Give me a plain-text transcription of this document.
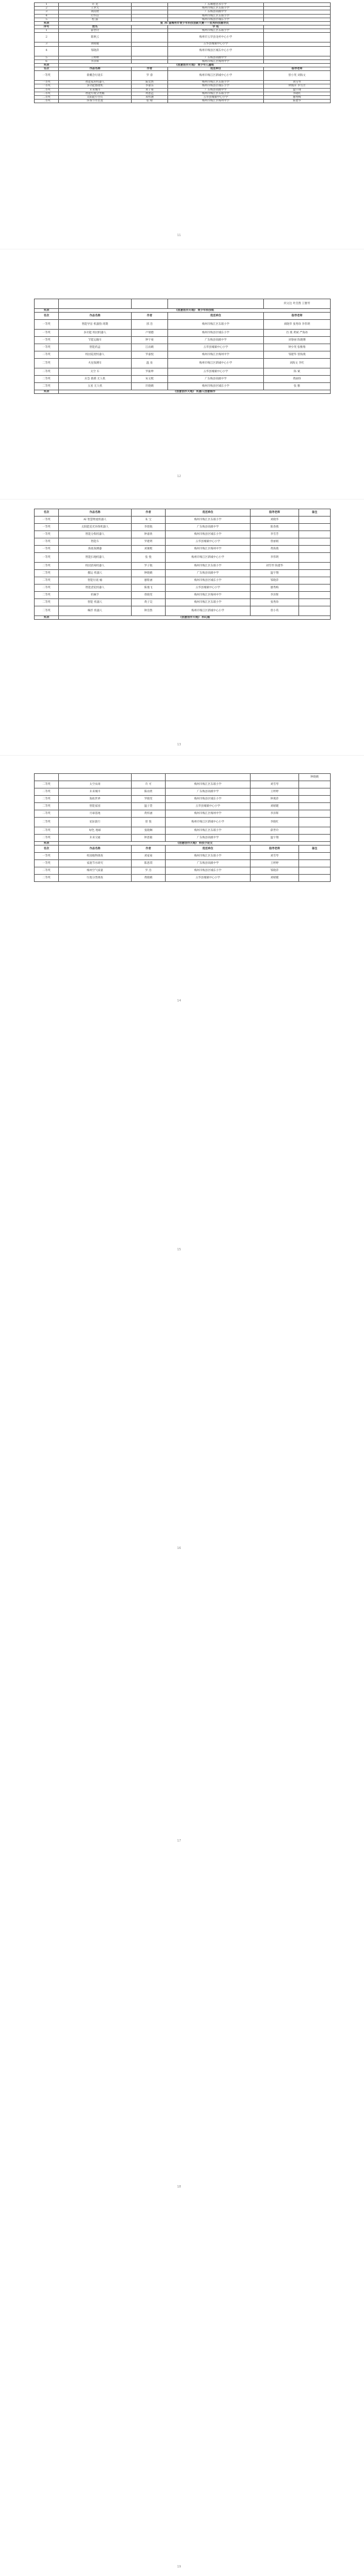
1	许 龙		广东顺德坚永小学	
2	王世元		梅州市梅江区东联小学	
3	刘雨欣		广东梅县高级中学	
4	付华洁		梅州市梅江区东联小学	
5	程 露		梅州市梅县区城东小学	
奖项	第 36 届梅州市青少年科技创新大赛——优秀科技辅导员			
序号	姓名		学 校	
1	薛世玲		梅州市梅江区东联小学	
2	陈秋云		梅州市五华县龙村中心小学	
3	刘晴暖		五华县城镇中心小学	
4	邹晓萍		梅州市梅县区城东中心小学	
5	王婷婷		广东梅县高级中学	
6	李泽辉		梅州市梅江区梅州中学	
奖项	《创意创作天地》 青少年儿童组			
名次	作品名称	作者	选送单位	指导老师
一等奖	新概念垃圾车	罗 睿	梅州市梅江区新城中心小学	曾小英 刘海文
一等奖	智能家居机器人	陈奕然	梅州市梅江区东联小学	刘雪琴
一等奖	多功能擦窗机	李嘉乐	梅州市梅县区城东小学	钟燕萍 李雪芳
二等奖	未来城市	刘子豪	广东梅县高级中学	温宇翔
二等奖	智能垃圾分类桶	黄思远	梅州市梅江区东联小学	李晓红
二等奖	太阳能小台灯	邓梓涵	五华县城镇中心小学	廖秀梅
二等奖	环保节水装置	张 晴	梅州市梅江区梅州中学	陈建华
11
				何文达 叶浩然 王雅琴
奖项	《创意创作天地》 青少年科技组			
名次	作品名称	作者	选送单位	指导老师
一等奖	智能导盲 机器狗 周期	郭 浩	梅州市梅江区东联小学	刘晓华 张秀珍 李伟明
一等奖	多功能 校园机器人	卢瑞德	梅州市梅县区城东小学	肖 燕 黄斌 严海冰
一等奖	节能运输车	钟宇豪	广东梅县高级中学	刘春丽 陈晓珊
一等奖	智能药盒	江雨晴	五华县城镇中心小学	钟少英 张维维
二等奖	校园巡逻机器人	罗嘉悦	梅州市梅江区梅州中学	邹建华 曾海燕
二等奖	火星探测车	温 泉	梅州市梅江区新城中心小学	刘海文 李红
二等奖	太空 车	罗振坤	五华县城镇中心小学	陈 斌
二等奖	应急 救援 无人机	朱文熙	广东梅县高级中学	黄丽珍
二等奖	五星 无人机	许晓晴	梅州市梅县区城东小学	张 雅
奖项	《创意创作天地》 机器人创意制作			
12
名次	作品名称	作者	选送单位	指导老师	备注
一等奖	AI 智慧物流机器人	朱 宝	梅州市梅江区东联小学	刘晓华	
一等奖	太阳能追光环保机器人	李煜航	广东梅县高级中学	陈春燕	
一等奖	智能分拣机器人	钟嘉欣	梅州市梅县区城东小学	李雪芳	
一等奖	智能车	罗建明	五华县城镇中心小学	曾丽娟	
一等奖	海底探测器	刘俊熙	梅州市梅江区梅州中学	黄海燕	
一等奖	智能扫地机器人	张 悦	梅州市梅江区新城中心小学	李伟明	
二等奖	校园消毒机器人	罗子航	梅州市梅江区东联小学	刘雪琴 陈建华	
二等奖	搬运 机器人	钟晓晴	广东梅县高级中学	温宇翔	
二等奖	智能垃圾 桶	廖紫涵	梅州市梅县区城东小学	邹晓萍	
二等奖	智能浇花机器人	陈逸飞	五华县城镇中心小学	廖秀梅	
二等奖	机械手	曾晓雯	梅州市梅江区梅州中学	李泽辉	
二等奖	智能 机器人	黄子昊	梅州市梅江区东联小学	张秀珍	
二等奖	蛛形 机器人	钟浩然	梅州市梅江区新城中心小学	曾小英	
奖项	《创意创作天地》 科幻画				
13
					钟晓晴
二等奖	太空农场	许 可	梅州市梅江区东联小学	刘雪琴	
二等奖	未来城市	陈雨欣	广东梅县高级中学	王婷婷	
二等奖	海底世界	罗晓雯	梅州市梅县区城东小学	钟燕萍	
二等奖	智能家园	温子萱	五华县城镇中心小学	刘晴暖	
二等奖	月球基地	黄梓涵	梅州市梅江区梅州中学	李泽辉	
二等奖	星际旅行	曾 悦	梅州市梅江区新城中心小学	李晓红	
二等奖	绿色 地球	张晓琳	梅州市梅江区东联小学	薛世玲	
二等奖	未来交通	钟思敏	广东梅县高级中学	温宇翔	
奖项	《创意创作天地》 科技小论文				
名次	作品名称	作者	选送单位	指导老师	备注
一等奖	校园植物调查	刘家豪	梅州市梅江区东联小学	刘雪琴	
一等奖	家庭节水研究	陈思琪	广东梅县高级中学	王婷婷	
二等奖	梅州空气质量	罗 浩	梅州市梅县区城东小学	邹晓萍	
二等奖	垃圾分类调查	黄晓晴	五华县城镇中心小学	刘晴暖	
14
15
16
17
18
19
